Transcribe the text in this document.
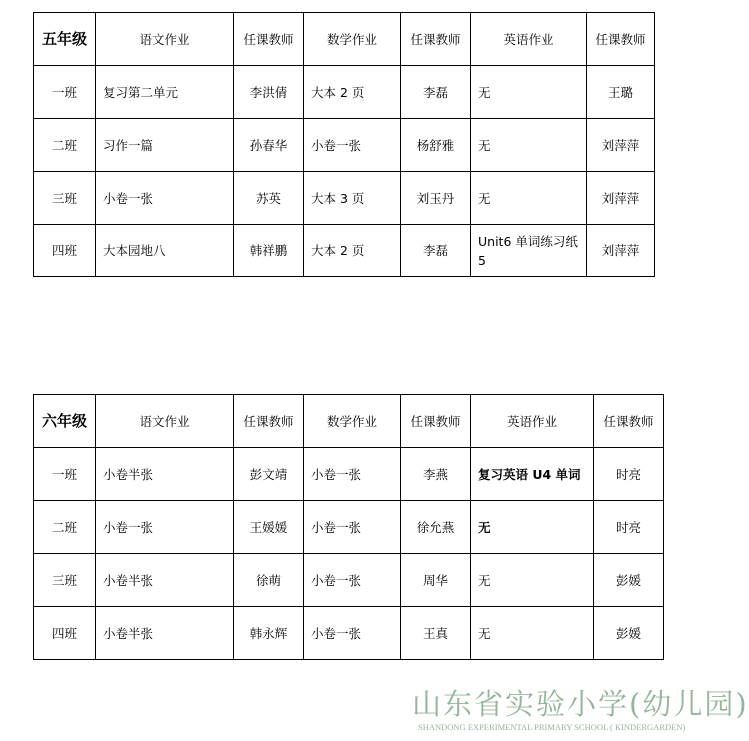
五年级	语文作业	任课教师	数学作业	任课教师	英语作业	任课教师
一班	复习第二单元	李洪倩	大本 2 页	李磊	无	王璐
二班	习作一篇	孙春华	小卷一张	杨舒雅	无	刘萍萍
三班	小卷一张	苏英	大本 3 页	刘玉丹	无	刘萍萍
四班	大本园地八	韩祥鹏	大本 2 页	李磊	Unit6 单词练习纸 5	刘萍萍
六年级	语文作业	任课教师	数学作业	任课教师	英语作业	任课教师
一班	小卷半张	彭文靖	小卷一张	李燕	复习英语 U4 单词	时亮
二班	小卷一张	王媛媛	小卷一张	徐允燕	无	时亮
三班	小卷半张	徐萌	小卷一张	周华	无	彭媛
四班	小卷半张	韩永辉	小卷一张	王真	无	彭媛
山东省实验小学(幼儿园)
SHANDONG EXPERIMENTAL PRIMARY SCHOOL ( KINDERGARDEN)
